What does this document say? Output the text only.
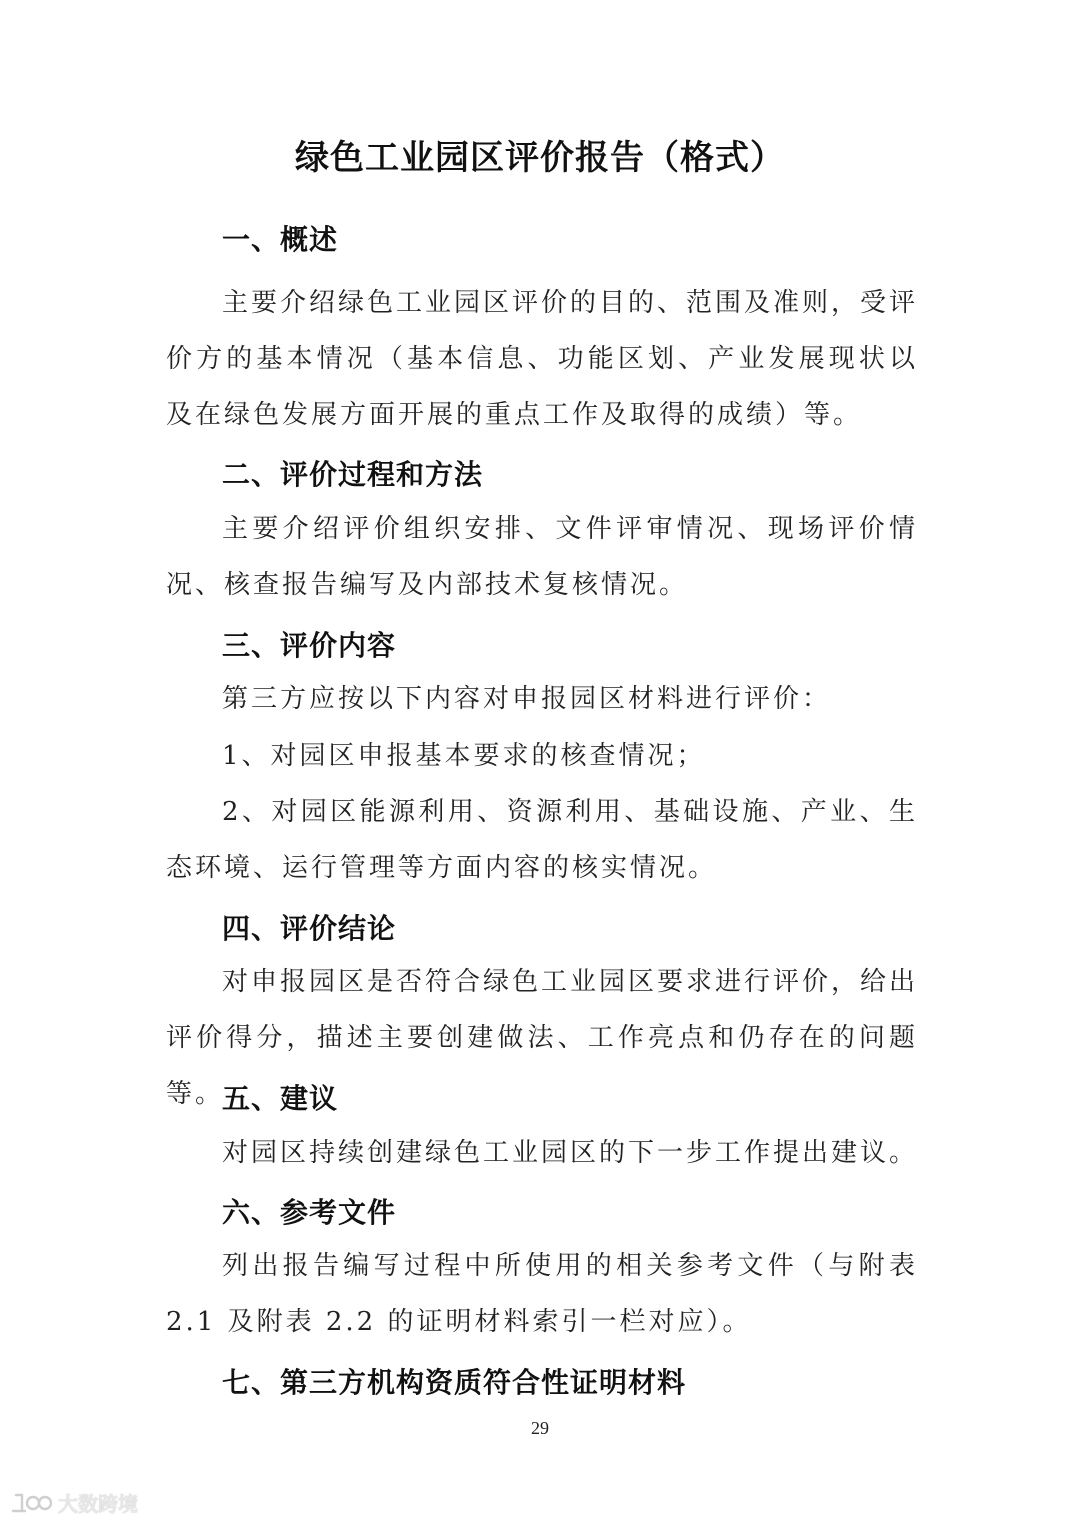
绿色工业园区评价报告（格式）
一、概述
主要介绍绿色工业园区评价的目的、范围及准则，受评价方的基本情况（基本信息、功能区划、产业发展现状以及在绿色发展方面开展的重点工作及取得的成绩）等。
二、评价过程和方法
主要介绍评价组织安排、文件评审情况、现场评价情况、核查报告编写及内部技术复核情况。
三、评价内容
第三方应按以下内容对申报园区材料进行评价：
1、对园区申报基本要求的核查情况；
2、对园区能源利用、资源利用、基础设施、产业、生态环境、运行管理等方面内容的核实情况。
四、评价结论
对申报园区是否符合绿色工业园区要求进行评价，给出评价得分，描述主要创建做法、工作亮点和仍存在的问题等。
五、建议
对园区持续创建绿色工业园区的下一步工作提出建议。
六、参考文件
列出报告编写过程中所使用的相关参考文件（与附表 2.1 及附表 2.2 的证明材料索引一栏对应）。
七、第三方机构资质符合性证明材料
29
大数跨境
